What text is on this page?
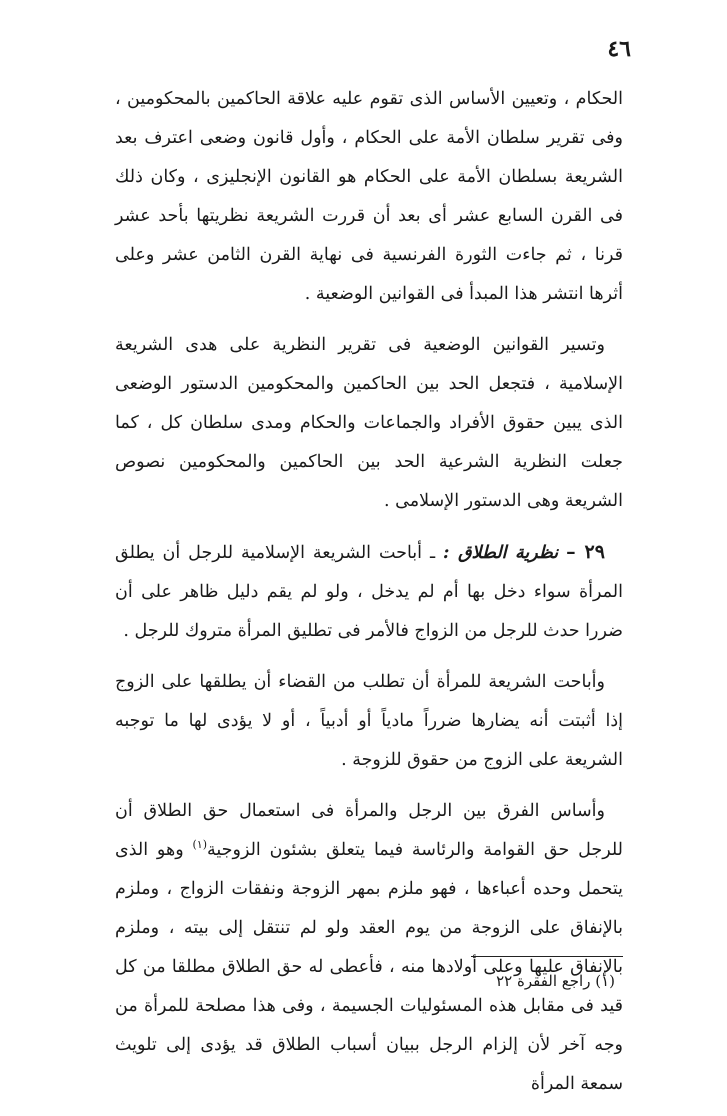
٤٦

الحكام ، وتعيين الأساس الذى تقوم عليه علاقة الحاكمين بالمحكومين ، وفى تقرير سلطان الأمة على الحكام ، وأول قانون وضعى اعترف بعد الشريعة بسلطان الأمة على الحكام هو القانون الإنجليزى ، وكان ذلك فى القرن السابع عشر أى بعد أن قررت الشريعة نظريتها بأحد عشر قرنا ، ثم جاءت الثورة الفرنسية فى نهاية القرن الثامن عشر وعلى أثرها انتشر هذا المبدأ فى القوانين الوضعية .

وتسير القوانين الوضعية فى تقرير النظرية على هدى الشريعة الإسلامية ، فتجعل الحد بين الحاكمين والمحكومين الدستور الوضعى الذى يبين حقوق الأفراد والجماعات والحكام ومدى سلطان كل ، كما جعلت النظرية الشرعية الحد بين الحاكمين والمحكومين نصوص الشريعة وهى الدستور الإسلامى .

٢٩ – نظرية الطلاق : ـ أباحت الشريعة الإسلامية للرجل أن يطلق المرأة سواء دخل بها أم لم يدخل ، ولو لم يقم دليل ظاهر على أن ضررا حدث للرجل من الزواج فالأمر فى تطليق المرأة متروك للرجل .

وأباحت الشريعة للمرأة أن تطلب من القضاء أن يطلقها على الزوج إذا أثبتت أنه يضارها ضرراً مادياً أو أدبياً ، أو لا يؤدى لها ما توجبه الشريعة على الزوج من حقوق للزوجة .

وأساس الفرق بين الرجل والمرأة فى استعمال حق الطلاق أن للرجل حق القوامة والرئاسة فيما يتعلق بشئون الزوجية$^{(١)}$ وهو الذى يتحمل وحده أعباءها ، فهو ملزم بمهر الزوجة ونفقات الزواج ، وملزم بالإنفاق على الزوجة من يوم العقد ولو لم تنتقل إلى بيته ، وملزم بالإنفاق عليها وعلى أولادها منه ، فأعطى له حق الطلاق مطلقا من كل قيد فى مقابل هذه المسئوليات الجسيمة ، وفى هذا مصلحة للمرأة من وجه آخر لأن إلزام الرجل ببيان أسباب الطلاق قد يؤدى إلى تلويث سمعة المرأة

(١) راجع الفقرة ٢٢
